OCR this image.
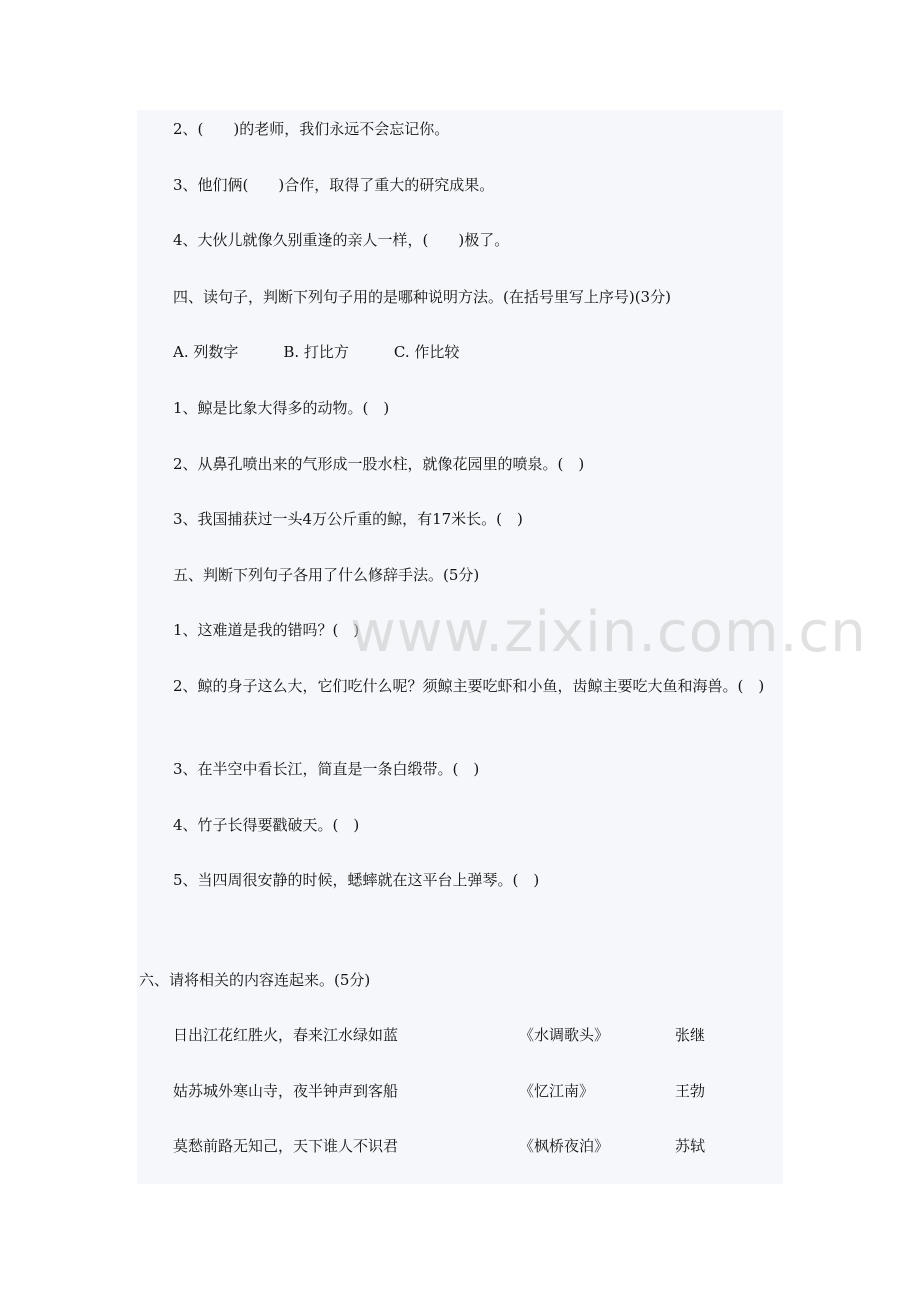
2、(　　)的老师，我们永远不会忘记你。
3、他们俩(　　)合作，取得了重大的研究成果。
4、大伙儿就像久别重逢的亲人一样，(　　)极了。
四、读句子，判断下列句子用的是哪种说明方法。(在括号里写上序号)(3分)
A. 列数字　　　B. 打比方　　　C. 作比较
1、鲸是比象大得多的动物。(　)
2、从鼻孔喷出来的气形成一股水柱，就像花园里的喷泉。(　)
3、我国捕获过一头4万公斤重的鲸，有17米长。(　)
五、判断下列句子各用了什么修辞手法。(5分)
1、这难道是我的错吗？(　)
2、鲸的身子这么大，它们吃什么呢？须鲸主要吃虾和小鱼，齿鲸主要吃大鱼和海兽。(　)
3、在半空中看长江，简直是一条白缎带。(　)
4、竹子长得要戳破天。(　)
5、当四周很安静的时候，蟋蟀就在这平台上弹琴。(　)
六、请将相关的内容连起来。(5分)
日出江花红胜火，春来江水绿如蓝	《水调歌头》	张继
姑苏城外寒山寺，夜半钟声到客船	《忆江南》	王勃
莫愁前路无知己，天下谁人不识君	《枫桥夜泊》	苏轼
www.zixin.com.cn
